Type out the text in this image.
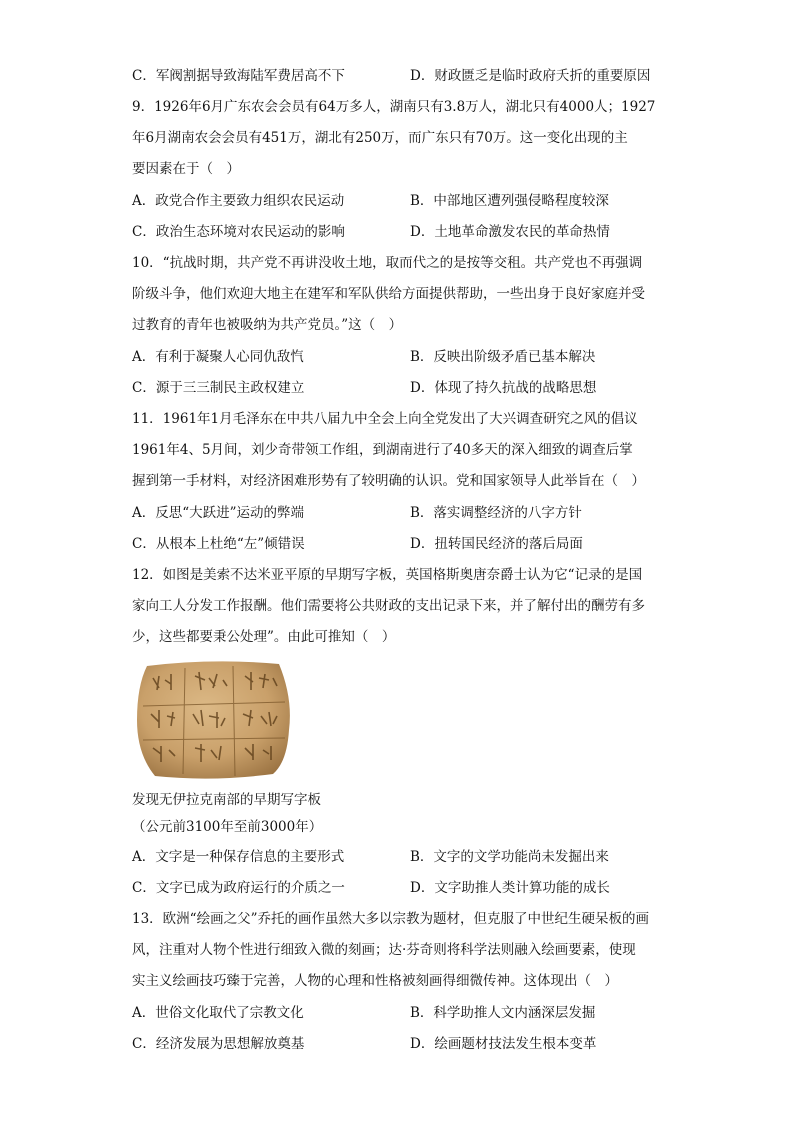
C．军阀割据导致海陆军费居高不下	D．财政匮乏是临时政府夭折的重要原因
9．1926年6月广东农会会员有64万多人，湖南只有3.8万人，湖北只有4000人；1927
年6月湖南农会会员有451万，湖北有250万，而广东只有70万。这一变化出现的主
要因素在于（　）
A．政党合作主要致力组织农民运动	B．中部地区遭列强侵略程度较深
C．政治生态环境对农民运动的影响	D．土地革命激发农民的革命热情
10．“抗战时期，共产党不再讲没收土地，取而代之的是按等交租。共产党也不再强调
阶级斗争，他们欢迎大地主在建军和军队供给方面提供帮助，一些出身于良好家庭并受
过教育的青年也被吸纳为共产党员。”这（　）
A．有利于凝聚人心同仇敌忾	B．反映出阶级矛盾已基本解决
C．源于三三制民主政权建立	D．体现了持久抗战的战略思想
11．1961年1月毛泽东在中共八届九中全会上向全党发出了大兴调查研究之风的倡议
1961年4、5月间，刘少奇带领工作组，到湖南进行了40多天的深入细致的调查后掌
握到第一手材料，对经济困难形势有了较明确的认识。党和国家领导人此举旨在（　）
A．反思“大跃进”运动的弊端	B．落实调整经济的八字方针
C．从根本上杜绝“左”倾错误	D．扭转国民经济的落后局面
12．如图是美索不达米亚平原的早期写字板，英国格斯奥唐奈爵士认为它“记录的是国
家向工人分发工作报酬。他们需要将公共财政的支出记录下来，并了解付出的酬劳有多
少，这些都要秉公处理”。由此可推知（　）
发现无伊拉克南部的早期写字板
（公元前3100年至前3000年）
A．文字是一种保存信息的主要形式	B．文字的文学功能尚未发掘出来
C．文字已成为政府运行的介质之一	D．文字助推人类计算功能的成长
13．欧洲“绘画之父”乔托的画作虽然大多以宗教为题材，但克服了中世纪生硬呆板的画
风，注重对人物个性进行细致入微的刻画；达·芬奇则将科学法则融入绘画要素，使现
实主义绘画技巧臻于完善，人物的心理和性格被刻画得细微传神。这体现出（　）
A．世俗文化取代了宗教文化	B．科学助推人文内涵深层发掘
C．经济发展为思想解放奠基	D．绘画题材技法发生根本变革
